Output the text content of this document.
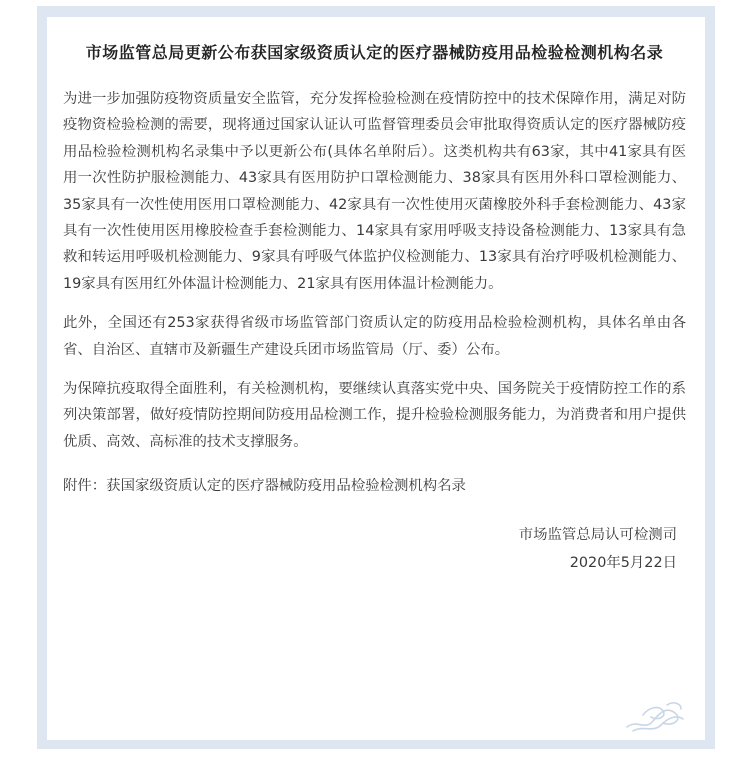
市场监管总局更新公布获国家级资质认定的医疗器械防疫用品检验检测机构名录

为进一步加强防疫物资质量安全监管，充分发挥检验检测在疫情防控中的技术保障作用，满足对防疫物资检验检测的需要，现将通过国家认证认可监督管理委员会审批取得资质认定的医疗器械防疫用品检验检测机构名录集中予以更新公布(具体名单附后）。这类机构共有63家，其中41家具有医用一次性防护服检测能力、43家具有医用防护口罩检测能力、38家具有医用外科口罩检测能力、35家具有一次性使用医用口罩检测能力、42家具有一次性使用灭菌橡胶外科手套检测能力、43家具有一次性使用医用橡胶检查手套检测能力、14家具有家用呼吸支持设备检测能力、13家具有急救和转运用呼吸机检测能力、9家具有呼吸气体监护仪检测能力、13家具有治疗呼吸机检测能力、19家具有医用红外体温计检测能力、21家具有医用体温计检测能力。

此外，全国还有253家获得省级市场监管部门资质认定的防疫用品检验检测机构，具体名单由各省、自治区、直辖市及新疆生产建设兵团市场监管局（厅、委）公布。

为保障抗疫取得全面胜利，有关检测机构，要继续认真落实党中央、国务院关于疫情防控工作的系列决策部署，做好疫情防控期间防疫用品检测工作，提升检验检测服务能力，为消费者和用户提供优质、高效、高标准的技术支撑服务。

附件：获国家级资质认定的医疗器械防疫用品检验检测机构名录

市场监管总局认可检测司
2020年5月22日
